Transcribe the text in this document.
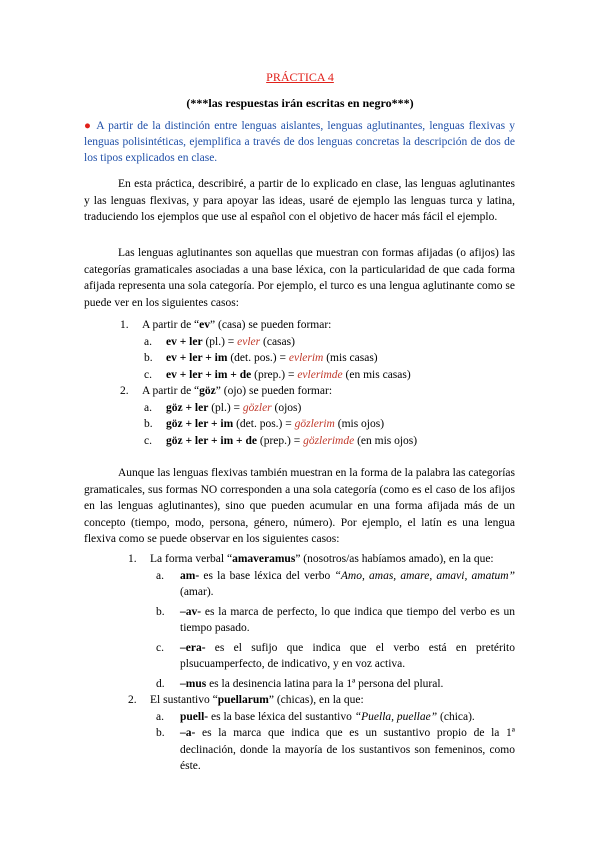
PRÁCTICA 4
(***las respuestas irán escritas en negro***)
● A partir de la distinción entre lenguas aislantes, lenguas aglutinantes, lenguas flexivas y lenguas polisintéticas, ejemplifica a través de dos lenguas concretas la descripción de dos de los tipos explicados en clase.
En esta práctica, describiré, a partir de lo explicado en clase, las lenguas aglutinantes y las lenguas flexivas, y para apoyar las ideas, usaré de ejemplo las lenguas turca y latina, traduciendo los ejemplos que use al español con el objetivo de hacer más fácil el ejemplo.
Las lenguas aglutinantes son aquellas que muestran con formas afijadas (o afijos) las categorías gramaticales asociadas a una base léxica, con la particularidad de que cada forma afijada representa una sola categoría. Por ejemplo, el turco es una lengua aglutinante como se puede ver en los siguientes casos:
1. A partir de “ev” (casa) se pueden formar:
a. ev + ler (pl.) = evler (casas)
b. ev + ler + im (det. pos.) = evlerim (mis casas)
c. ev + ler + im + de (prep.) = evlerimde (en mis casas)
2. A partir de “göz” (ojo) se pueden formar:
a. göz + ler (pl.) = gözler (ojos)
b. göz + ler + im (det. pos.) = gözlerim (mis ojos)
c. göz + ler + im + de (prep.) = gözlerimde (en mis ojos)
Aunque las lenguas flexivas también muestran en la forma de la palabra las categorías gramaticales, sus formas NO corresponden a una sola categoría (como es el caso de los afijos en las lenguas aglutinantes), sino que pueden acumular en una forma afijada más de un concepto (tiempo, modo, persona, género, número). Por ejemplo, el latín es una lengua flexiva como se puede observar en los siguientes casos:
1. La forma verbal “amaveramus” (nosotros/as habíamos amado), en la que:
a. am- es la base léxica del verbo “Amo, amas, amare, amavi, amatum” (amar).
b. –av- es la marca de perfecto, lo que indica que tiempo del verbo es un tiempo pasado.
c. –era- es el sufijo que indica que el verbo está en pretérito plsucuamperfecto, de indicativo, y en voz activa.
d. –mus es la desinencia latina para la 1ª persona del plural.
2. El sustantivo “puellarum” (chicas), en la que:
a. puell- es la base léxica del sustantivo “Puella, puellae” (chica).
b. –a- es la marca que indica que es un sustantivo propio de la 1ª declinación, donde la mayoría de los sustantivos son femeninos, como éste.
